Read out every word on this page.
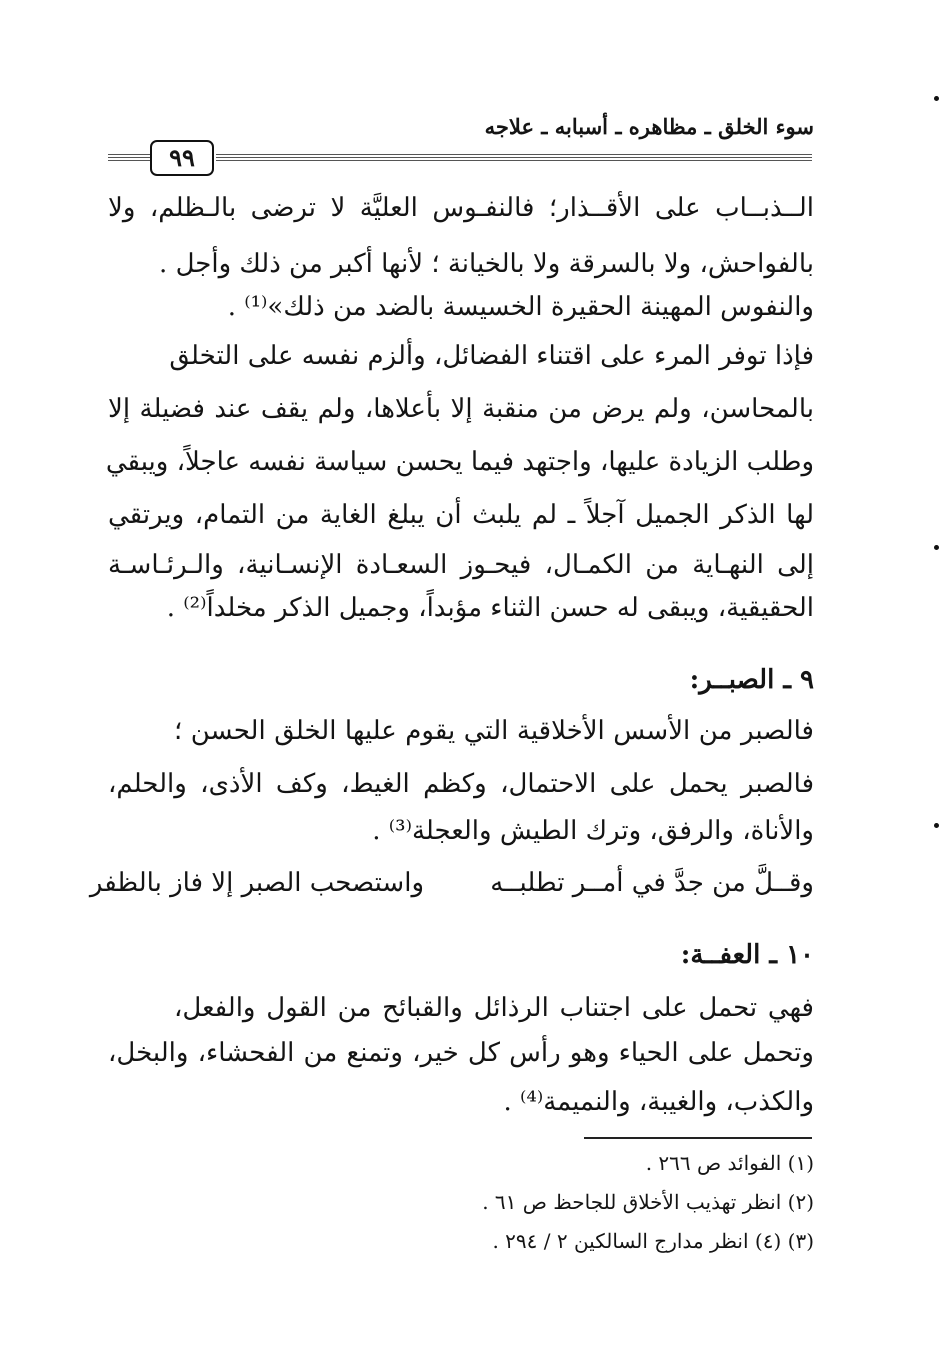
سوء الخلق ـ مظاهره ـ أسبابه ـ علاجه
٩٩
الــذبــاب على الأقــذار؛ فالنفـوس العليَّة لا ترضى بالـظلم، ولا
بالفواحش، ولا بالسرقة ولا بالخيانة ؛ لأنها أكبر من ذلك وأجل .
والنفوس المهينة الحقيرة الخسيسة بالضد من ذلك»⁽¹⁾ .
فإذا توفر المرء على اقتناء الفضائل، وألزم نفسه على التخلق
بالمحاسن، ولم يرض من منقبة إلا بأعلاها، ولم يقف عند فضيلة إلا
وطلب الزيادة عليها، واجتهد فيما يحسن سياسة نفسه عاجلاً، ويبقي
لها الذكر الجميل آجلاً ـ لم يلبث أن يبلغ الغاية من التمام، ويرتقي
إلى النهـاية من الكمـال، فيحـوز السعـادة الإنسـانية، والـرئـاسـة
الحقيقية، ويبقى له حسن الثناء مؤبداً، وجميل الذكر مخلداً⁽²⁾ .
٩ ـ الصبــر:
فالصبر من الأسس الأخلاقية التي يقوم عليها الخلق الحسن ؛
فالصبر يحمل على الاحتمال، وكظم الغيط، وكف الأذى، والحلم،
والأناة، والرفق، وترك الطيش والعجلة⁽³⁾ .
وقــلَّ من جدَّ في أمــر تطلبــه
واستصحب الصبر إلا فاز بالظفر
١٠ ـ العفــة:
فهي تحمل على اجتناب الرذائل والقبائح من القول والفعل،
وتحمل على الحياء وهو رأس كل خير، وتمنع من الفحشاء، والبخل،
والكذب، والغيبة، والنميمة⁽⁴⁾ .
(١) الفوائد ص ٢٦٦ .
(٢) انظر تهذيب الأخلاق للجاحظ ص ٦١ .
(٣) (٤) انظر مدارج السالكين ٢ / ٢٩٤ .
